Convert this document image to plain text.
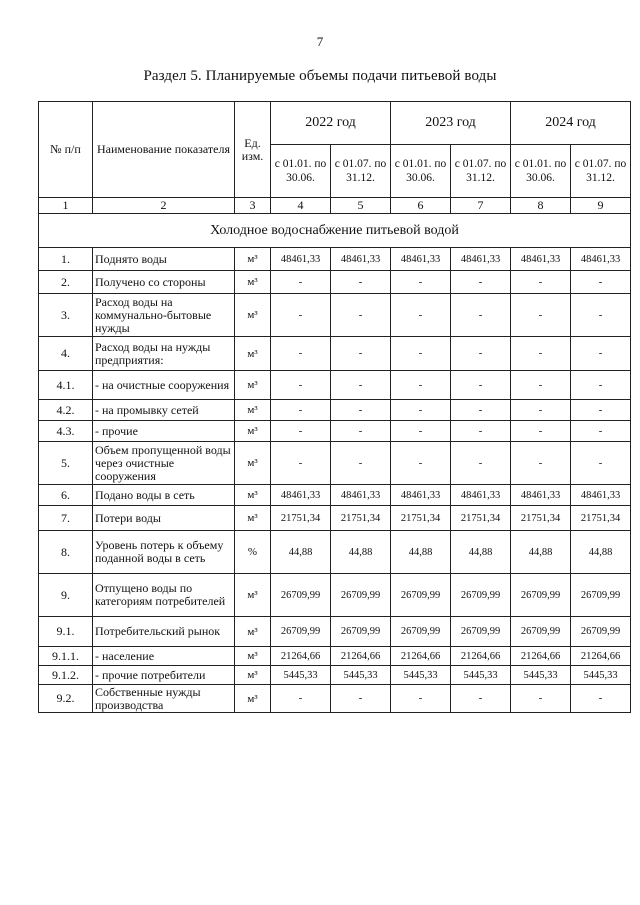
7
Раздел 5. Планируемые объемы подачи питьевой воды
№ п/п	Наименование показателя	Ед. изм.	2022 год		2023 год		2024 год	
			с 01.01. по 30.06.	с 01.07. по 31.12.	с 01.01. по 30.06.	с 01.07. по 31.12.	с 01.01. по 30.06.	с 01.07. по 31.12.
1	2	3	4	5	6	7	8	9
Холодное водоснабжение питьевой водой								
1.	Поднято воды	м³	48461,33	48461,33	48461,33	48461,33	48461,33	48461,33
2.	Получено со стороны	м³	-	-	-	-	-	-
3.	Расход воды на коммунально-бытовые нужды	м³	-	-	-	-	-	-
4.	Расход воды на нужды предприятия:	м³	-	-	-	-	-	-
4.1.	- на очистные сооружения	м³	-	-	-	-	-	-
4.2.	- на промывку сетей	м³	-	-	-	-	-	-
4.3.	- прочие	м³	-	-	-	-	-	-
5.	Объем пропущенной воды через очистные сооружения	м³	-	-	-	-	-	-
6.	Подано воды в сеть	м³	48461,33	48461,33	48461,33	48461,33	48461,33	48461,33
7.	Потери воды	м³	21751,34	21751,34	21751,34	21751,34	21751,34	21751,34
8.	Уровень потерь к объему поданной воды в сеть	%	44,88	44,88	44,88	44,88	44,88	44,88
9.	Отпущено воды по категориям потребителей	м³	26709,99	26709,99	26709,99	26709,99	26709,99	26709,99
9.1.	Потребительский рынок	м³	26709,99	26709,99	26709,99	26709,99	26709,99	26709,99
9.1.1.	- население	м³	21264,66	21264,66	21264,66	21264,66	21264,66	21264,66
9.1.2.	- прочие потребители	м³	5445,33	5445,33	5445,33	5445,33	5445,33	5445,33
9.2.	Собственные нужды производства	м³	-	-	-	-	-	-
